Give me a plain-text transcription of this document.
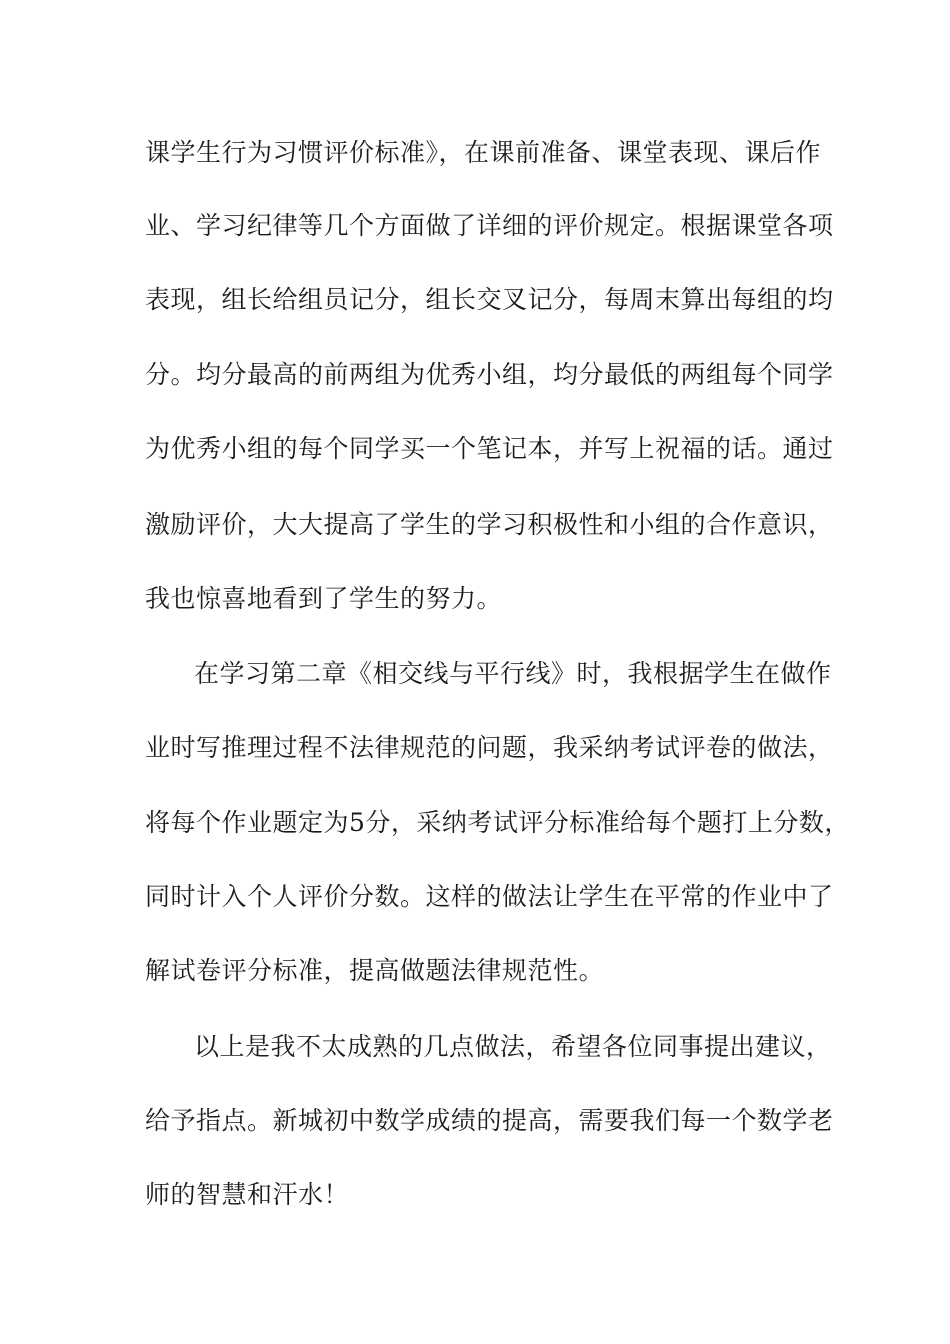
课学生行为习惯评价标准》，在课前准备、课堂表现、课后作
业、学习纪律等几个方面做了详细的评价规定。根据课堂各项
表现，组长给组员记分，组长交叉记分，每周末算出每组的均
分。均分最高的前两组为优秀小组，均分最低的两组每个同学
为优秀小组的每个同学买一个笔记本，并写上祝福的话。通过
激励评价，大大提高了学生的学习积极性和小组的合作意识，
我也惊喜地看到了学生的努力。
在学习第二章《相交线与平行线》时，我根据学生在做作
业时写推理过程不法律规范的问题，我采纳考试评卷的做法，
将每个作业题定为5分，采纳考试评分标准给每个题打上分数，
同时计入个人评价分数。这样的做法让学生在平常的作业中了
解试卷评分标准，提高做题法律规范性。
以上是我不太成熟的几点做法，希望各位同事提出建议，
给予指点。新城初中数学成绩的提高，需要我们每一个数学老
师的智慧和汗水！
